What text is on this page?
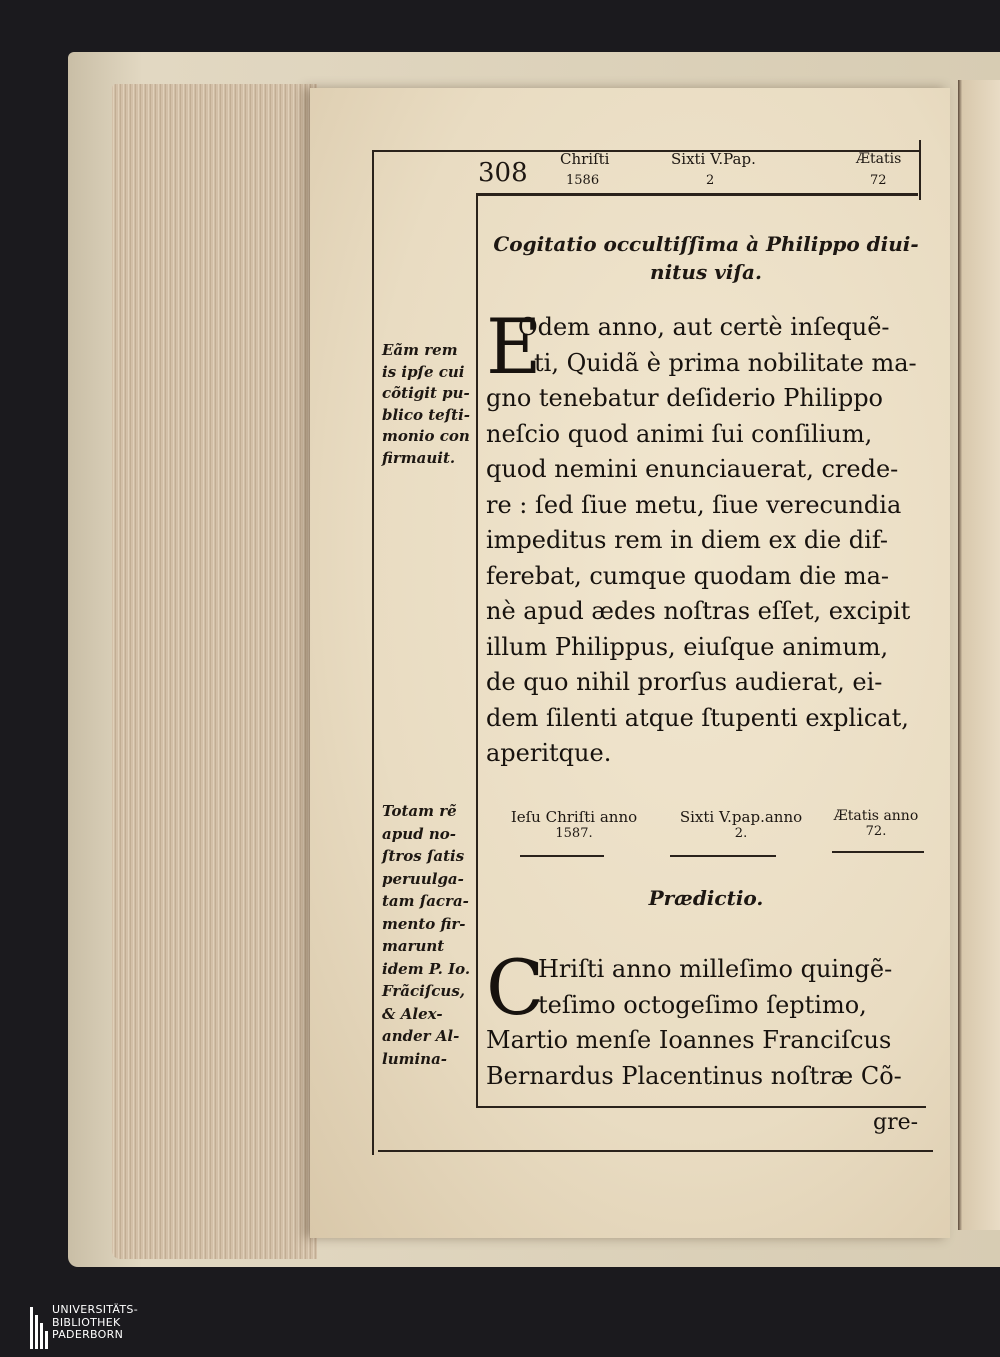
308 Chriſti
1586
Sixti V.Pap.
2
Ætatis
72
Cogitatio occultiſſima à Philippo diui-
nitus viſa.
E
Odem anno, aut certè inſequẽ-
ti, Quidã è prima nobilitate ma-
gno tenebatur deſiderio Philippo
neſcio quod animi ſui conſilium,
quod nemini enunciauerat, crede-
re : ſed ſiue metu, ſiue verecundia
impeditus rem in diem ex die dif-
ferebat, cumque quodam die ma-
nè apud ædes noſtras eſſet, excipit
illum Philippus, eiuſque animum,
de quo nihil prorſus audierat, ei-
dem ſilenti atque ſtupenti explicat,
aperitque.
Eãm rem
is ipſe cui
cõtigit pu-
blico teſti-
monio con
firmauit.
Ieſu Chriſti anno
1587.
Sixti V.pap.anno
2.
Ætatis anno
72.
Prædictio.
C
Hriſti anno milleſimo quingẽ-
teſimo octogeſimo ſeptimo,
Martio menſe Ioannes Franciſcus
Bernardus Placentinus noſtræ Cõ-
gre-
Totam rẽ
apud no-
ſtros ſatis
peruulga-
tam ſacra-
mento fir-
marunt
idem P. Io.
Frãciſcus,
& Alex-
ander Al-
lumina-
UNIVERSITÄTS-
BIBLIOTHEK
PADERBORN
